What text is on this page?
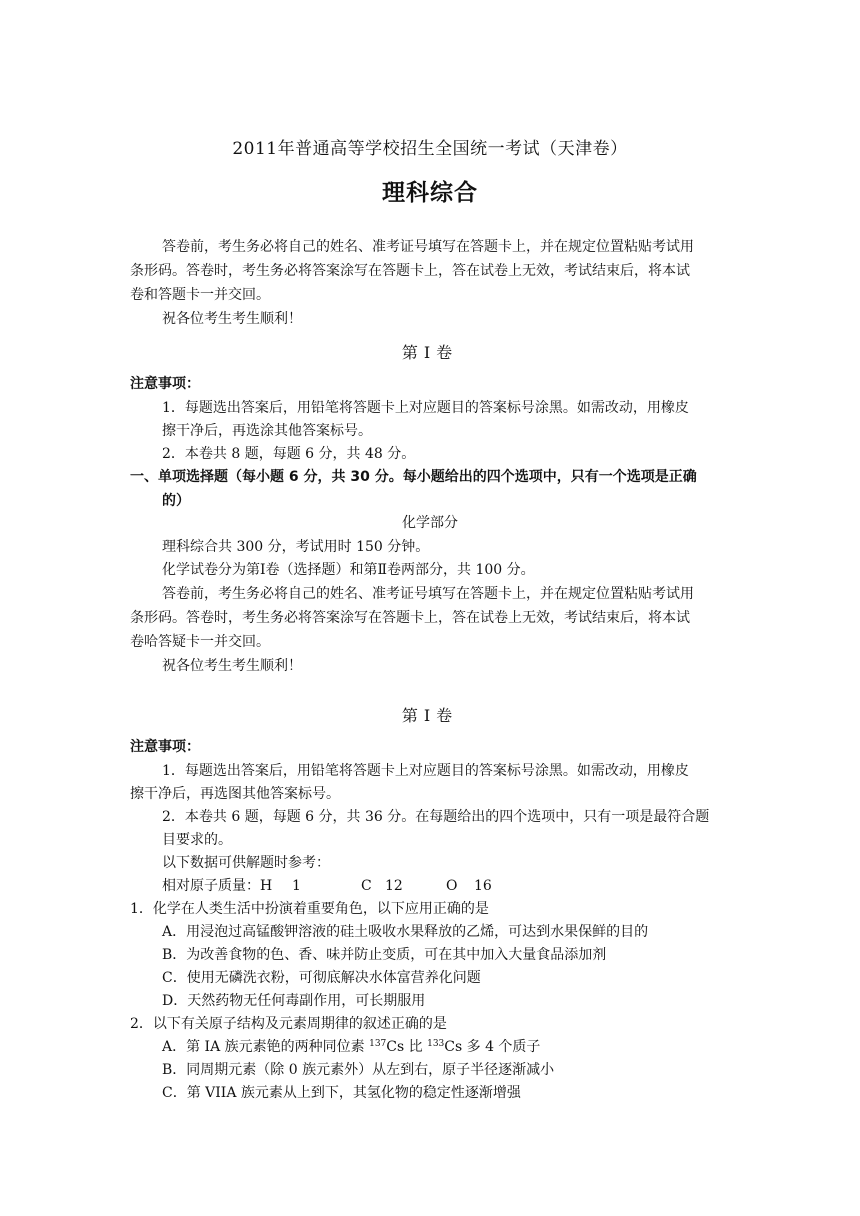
2011年普通高等学校招生全国统一考试（天津卷）
理科综合
答卷前，考生务必将自己的姓名、准考证号填写在答题卡上，并在规定位置粘贴考试用
条形码。答卷时，考生务必将答案涂写在答题卡上，答在试卷上无效，考试结束后，将本试
卷和答题卡一并交回。
祝各位考生考生顺利！
第Ⅰ卷
注意事项：
1．每题选出答案后，用铅笔将答题卡上对应题目的答案标号涂黑。如需改动，用橡皮
擦干净后，再选涂其他答案标号。
2．本卷共 8 题，每题 6 分，共 48 分。
一、单项选择题（每小题 6 分，共 30 分。每小题给出的四个选项中，只有一个选项是正确
的）
化学部分
理科综合共 300 分，考试用时 150 分钟。
化学试卷分为第Ⅰ卷（选择题）和第Ⅱ卷两部分，共 100 分。
答卷前，考生务必将自己的姓名、准考证号填写在答题卡上，并在规定位置粘贴考试用
条形码。答卷时，考生务必将答案涂写在答题卡上，答在试卷上无效，考试结束后，将本试
卷哈答疑卡一并交回。
祝各位考生考生顺利！
第Ⅰ卷
注意事项：
1．每题选出答案后，用铅笔将答题卡上对应题目的答案标号涂黑。如需改动，用橡皮
擦干净后，再选图其他答案标号。
2．本卷共 6 题，每题 6 分，共 36 分。在每题给出的四个选项中，只有一项是最符合题
目要求的。
以下数据可供解题时参考：
相对原子质量：H 1	C 12	O 16
1．化学在人类生活中扮演着重要角色，以下应用正确的是
A．用浸泡过高锰酸钾溶液的硅土吸收水果释放的乙烯，可达到水果保鲜的目的
B．为改善食物的色、香、味并防止变质，可在其中加入大量食品添加剂
C．使用无磷洗衣粉，可彻底解决水体富营养化问题
D．天然药物无任何毒副作用，可长期服用
2．以下有关原子结构及元素周期律的叙述正确的是
A．第 IA 族元素铯的两种同位素 $^{137}$Cs 比 $^{133}$Cs 多 4 个质子
B．同周期元素（除 0 族元素外）从左到右，原子半径逐渐减小
C．第 VIIA 族元素从上到下，其氢化物的稳定性逐渐增强
